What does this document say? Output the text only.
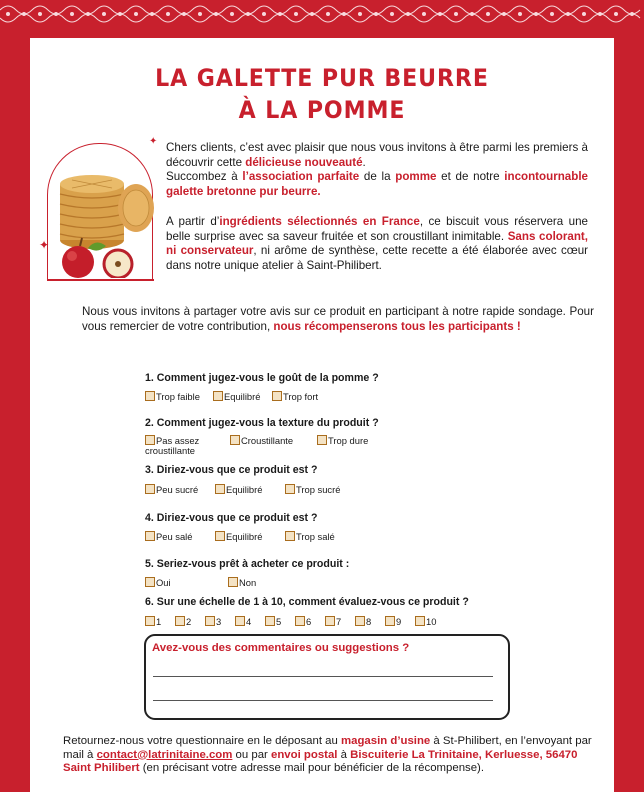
LA GALETTE PUR BEURRE
À LA POMME
✦
✦ Chers clients, c’est avec plaisir que nous vous invitons à être parmi les premiers à découvrir cette délicieuse nouveauté.
Succombez à l’association parfaite de la pomme et de notre incontournable galette bretonne pur beurre.
A partir d’ingrédients sélectionnés en France, ce biscuit vous réservera une belle surprise avec sa saveur fruitée et son croustillant inimitable. Sans colorant, ni conservateur, ni arôme de synthèse, cette recette a été élaborée avec cœur dans notre unique atelier à Saint-Philibert.
Nous vous invitons à partager votre avis sur ce produit en participant à notre rapide sondage. Pour vous remercier de votre contribution, nous récompenserons tous les participants !
1. Comment jugez-vous le goût de la pomme ?
Trop faible	Equilibré	Trop fort
2. Comment jugez-vous la texture du produit ?
Pas assez croustillante
Croustillante	Trop dure
3. Diriez-vous que ce produit est ?
Peu sucré	Equilibré	Trop sucré
4. Diriez-vous que ce produit est ?
Peu salé	Equilibré	Trop salé
5. Seriez-vous prêt à acheter ce produit :
Oui	Non
6. Sur une échelle de 1 à 10, comment évaluez-vous ce produit ?
1	2	3	4	5	6	7	8	9	10
Avez-vous des commentaires ou suggestions ?
Retournez-nous votre questionnaire en le déposant au magasin d’usine à St-Philibert, en l’envoyant par mail à contact@latrinitaine.com ou par envoi postal à Biscuiterie La Trinitaine, Kerluesse, 56470 Saint Philibert (en précisant votre adresse mail pour bénéficier de la récompense).
